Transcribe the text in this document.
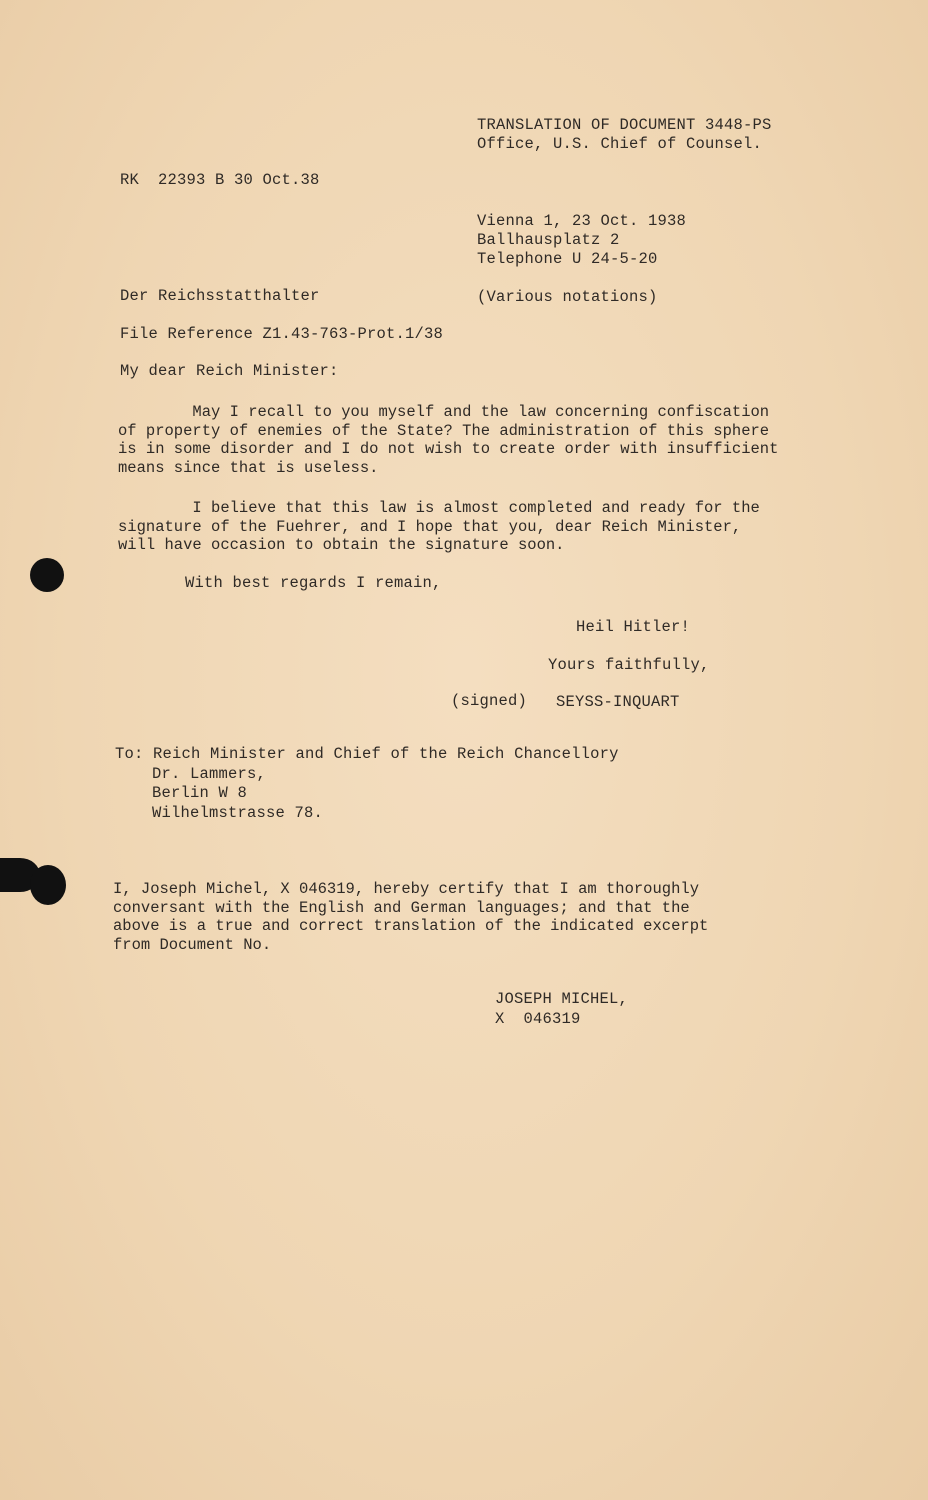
TRANSLATION OF DOCUMENT 3448-PS
Office, U.S. Chief of Counsel.
RK  22393 B 30 Oct.38
Vienna 1, 23 Oct. 1938
Ballhausplatz 2
Telephone U 24-5-20
Der Reichsstatthalter	(Various notations)
File Reference Z1.43-763-Prot.1/38
My dear Reich Minister:
May I recall to you myself and the law concerning confiscation
of property of enemies of the State? The administration of this sphere
is in some disorder and I do not wish to create order with insufficient
means since that is useless.
I believe that this law is almost completed and ready for the
signature of the Fuehrer, and I hope that you, dear Reich Minister,
will have occasion to obtain the signature soon.
With best regards I remain,
Heil Hitler!
Yours faithfully,
(signed) SEYSS-INQUART
To: Reich Minister and Chief of the Reich Chancellory
Dr. Lammers,
Berlin W 8
Wilhelmstrasse 78.
I, Joseph Michel, X 046319, hereby certify that I am thoroughly
conversant with the English and German languages; and that the
above is a true and correct translation of the indicated excerpt
from Document No.
JOSEPH MICHEL,
X  046319
